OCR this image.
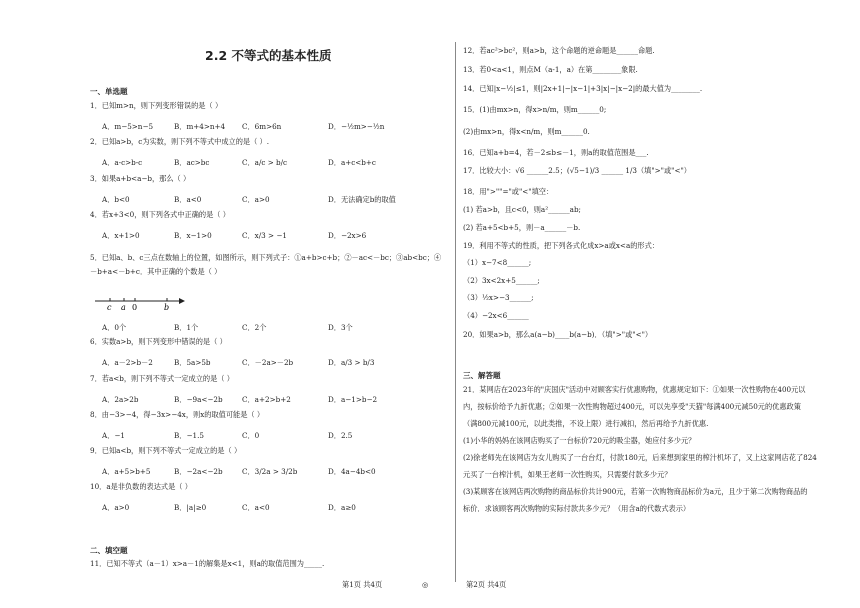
2.2 不等式的基本性质
一、单选题
1．已知m>n，则下列变形错误的是（ ）
A．m−5>n−5	B．m+4>n+4 C．6m>6n	D．−½m>−½n
2．已知a>b，c为实数，则下列不等式中成立的是（ ）.
A．a-c>b-c	B．ac>bc	C．a/c > b/c	D．a+c<b+c
3．如果a+b<a−b，那么（ ）
A．b<0	B．a<0	C．a>0	D．无法确定b的取值
4．若x+3<0，则下列各式中正确的是（ ）
A．x+1>0	B．x−1>0	C．x/3 > −1	D．−2x>6
5．已知a、b、c三点在数轴上的位置，如图所示，则下列式子：①a+b>c+b；②－ac<－bc；③ab<bc；④
－b+a<－b+c．其中正确的个数是（ ）
A．0个	B．1个	C．2个	D．3个
6．实数a>b，则下列变形中错误的是（ ）
A．a－2>b－2	B．5a>5b	C．－2a>－2b	D．a/3 > b/3
7．若a<b，则下列不等式一定成立的是（ ）
A．2a>2b	B．−9a<−2b	C．a+2>b+2	D．a−1>b−2
8．由−3>−4，得−3x>−4x，则x的取值可能是（ ）
A．−1	B．−1.5	C．0	D．2.5
9．已知a<b，则下列不等式一定成立的是（ ）
A．a+5>b+5	B．−2a<−2b	C．3/2a > 3/2b	D．4a−4b<0
10．a是非负数的表达式是（ ）
A．a>0	B．|a|≥0	C．a<0	D．a≥0
c a 0	b
二、填空题
11．已知不等式（a－1）x>a－1的解集是x<1，则a的取值范围为_____.
第1页 共4页	◎
12．若ac²>bc²，则a>b，这个命题的逆命题是______命题.
13．若0<a<1，则点M（a-1，a）在第________象限.
14．已知|x−½|≤1，则|2x+1|−|x−1|+3|x|−|x−2|的最大值为________.
15．(1)由mx>n，得x>n/m，则m______0;
(2)由mx>n，得x<n/m，则m______0.
16．已知a+b=4，若－2≤b≤－1，则a的取值范围是___.
17．比较大小：√6 ______2.5；(√5−1)/3 ______ 1/3（填">"或"<"）
18．用">""="或"<"填空：
(1) 若a>b，且c<0，则a²______ab;
(2) 若a+5<b+5，则－a______－b.
19．利用不等式的性质，把下列各式化成x>a或x<a的形式：
（1）x−7<8______;
（2）3x<2x+5______;
（3）½x>−3______;
（4）−2x<6______
20．如果a>b，那么a(a−b)____b(a−b)．（填">"或"<"）
三、解答题
21．某网店在2023年的"庆国庆"活动中对顾客实行优惠购物，优惠规定如下：①如果一次性购物在400元以
内，按标价给予九折优惠；②如果一次性购物超过400元，可以先享受"天猫"每满400元减50元的优惠政策
（满800元减100元，以此类推，不设上限）进行减扣，然后再给予九折优惠.
(1)小华的妈妈在该网店购买了一台标价720元的吸尘器，她应付多少元？
(2)徐老师先在该网店为女儿购买了一台台灯，付款180元，后来想到家里的榨汁机坏了，又上这家网店花了824
元买了一台榨汁机，如果王老师一次性购买，只需要付款多少元？
(3)某顾客在该网店两次购物的商品标价共计900元，若第一次购物商品标价为a元，且少于第二次购物商品的
标价．求该顾客两次购物的实际付款共多少元？（用含a的代数式表示）
第2页 共4页
